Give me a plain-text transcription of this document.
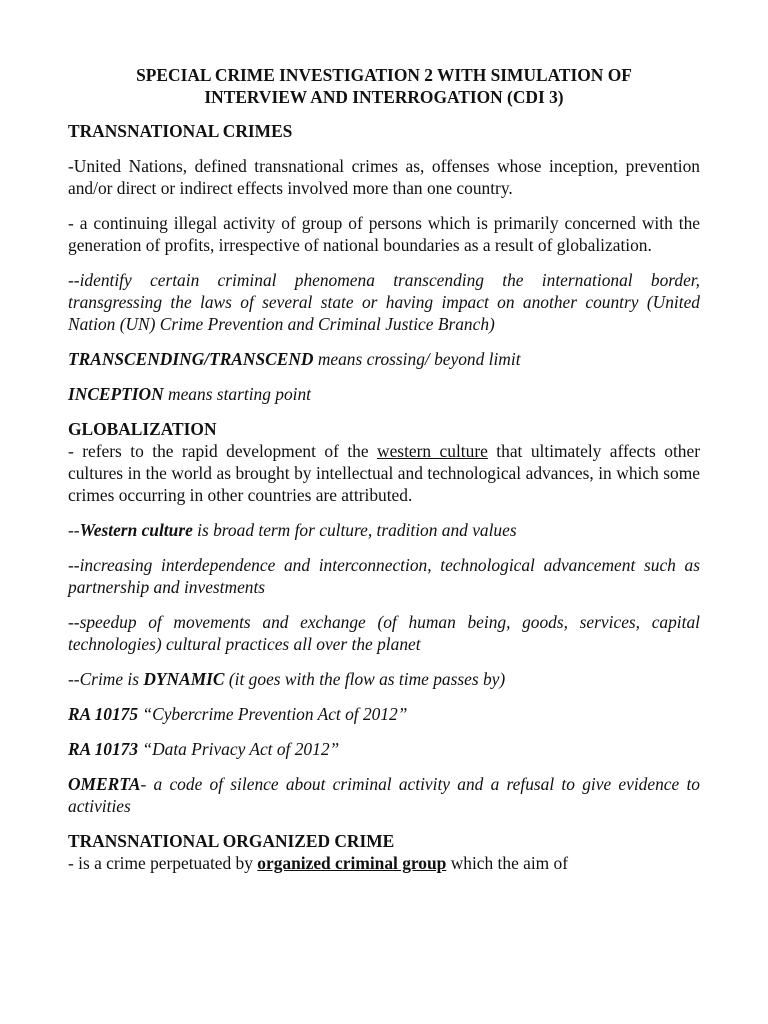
SPECIAL CRIME INVESTIGATION 2 WITH SIMULATION OF
INTERVIEW AND INTERROGATION (CDI 3)

TRANSNATIONAL CRIMES

-United Nations, defined transnational crimes as, offenses whose inception, prevention and/or direct or indirect effects involved more than one country.

- a continuing illegal activity of group of persons which is primarily concerned with the generation of profits, irrespective of national boundaries as a result of globalization.

--identify certain criminal phenomena transcending the international border, transgressing the laws of several state or having impact on another country (United Nation (UN) Crime Prevention and Criminal Justice Branch)

TRANSCENDING/TRANSCEND means crossing/ beyond limit

INCEPTION means starting point

GLOBALIZATION

- refers to the rapid development of the western culture that ultimately affects other cultures in the world as brought by intellectual and technological advances, in which some crimes occurring in other countries are attributed.

--Western culture is broad term for culture, tradition and values

--increasing interdependence and interconnection, technological advancement such as partnership and investments

--speedup of movements and exchange (of human being, goods, services, capital technologies) cultural practices all over the planet

--Crime is DYNAMIC (it goes with the flow as time passes by)

RA 10175 “Cybercrime Prevention Act of 2012”

RA 10173 “Data Privacy Act of 2012”

OMERTA- a code of silence about criminal activity and a refusal to give evidence to activities

TRANSNATIONAL ORGANIZED CRIME

- is a crime perpetuated by organized criminal group which the aim of
